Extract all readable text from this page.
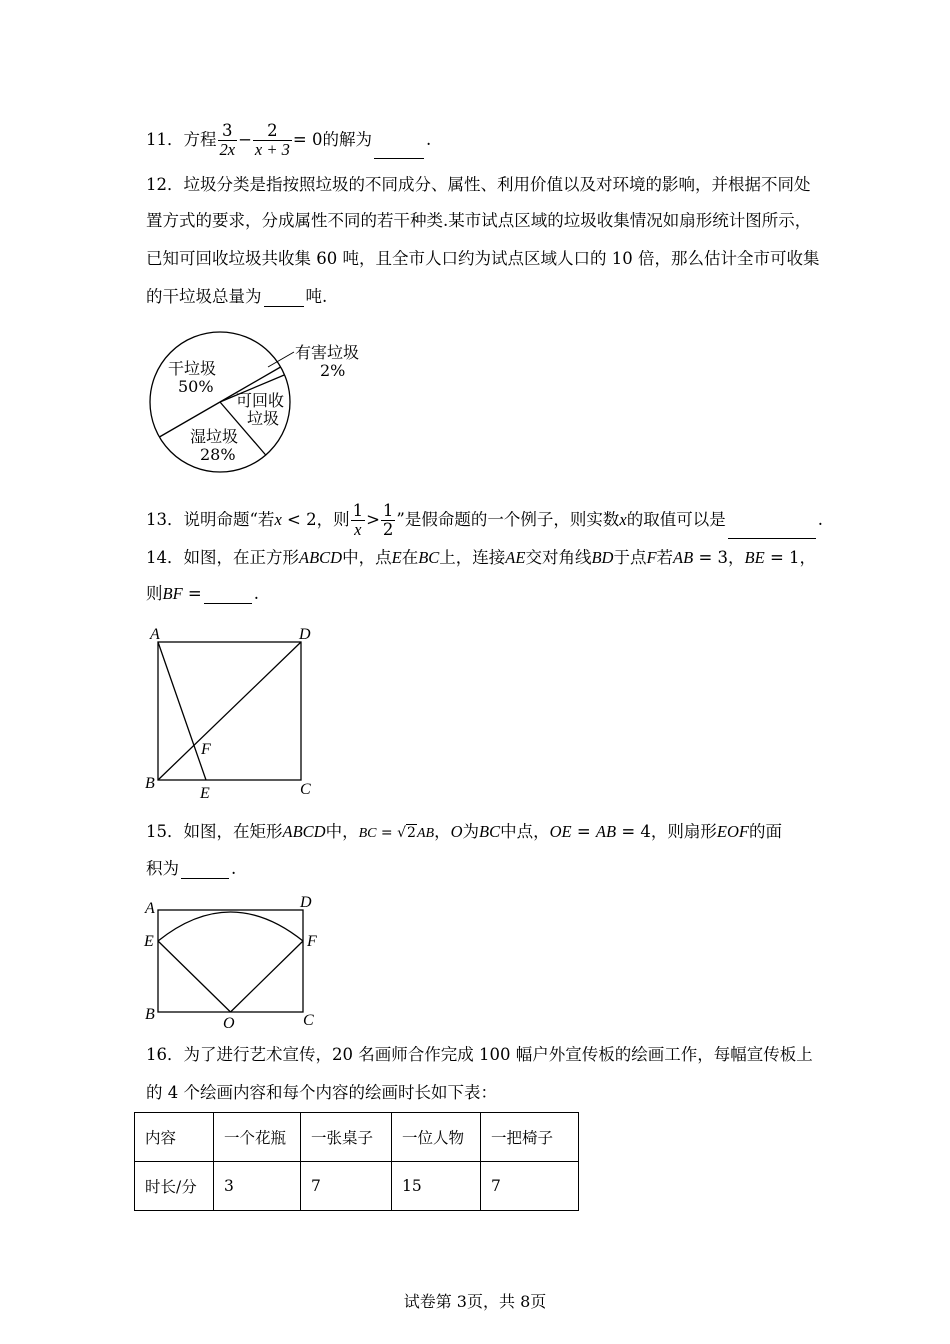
11．方程 $\frac{3}{2x} - \frac{2}{x + 3} = 0$的解为	.
12．垃圾分类是指按照垃圾的不同成分、属性、利用价值以及对环境的影响，并根据不同处
置方式的要求，分成属性不同的若干种类.某市试点区域的垃圾收集情况如扇形统计图所示，
已知可回收垃圾共收集 60 吨，且全市人口约为试点区域人口的 10 倍，那么估计全市可收集
的干垃圾总量为	吨.
干垃圾
50%
有害垃圾
2%
可回收
垃圾
湿垃圾
28%
13．说明命题“若x < 2，则 $\frac{1}{x} > \frac{1}{2}$ ”是假命题的一个例子，则实数x的取值可以是	.
14．如图，在正方形ABCD中，点E在BC上，连接AE交对角线BD于点F若AB = 3，BE = 1，
则BF =	.
A	D
B	C
E
F
15．如图，在矩形ABCD中，BC = √2AB，O为BC中点，OE = AB = 4，则扇形EOF的面
积为	.
A	D
E	F
B
O	C
16．为了进行艺术宣传，20 名画师合作完成 100 幅户外宣传板的绘画工作，每幅宣传板上
的 4 个绘画内容和每个内容的绘画时长如下表：
内容	一个花瓶	一张桌子	一位人物	一把椅子
时长/分	3	7	15	7
试卷第 3页，共 8页
